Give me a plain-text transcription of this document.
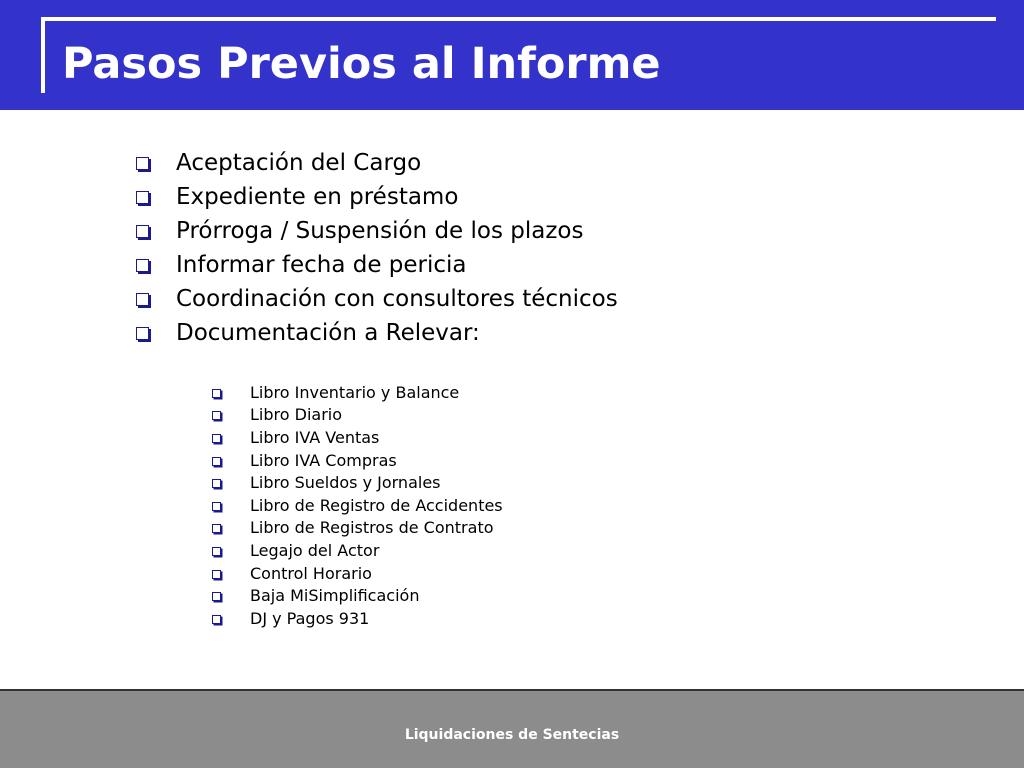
Pasos Previos al Informe
Aceptación del Cargo
Expediente en préstamo
Prórroga / Suspensión de los plazos
Informar fecha de pericia
Coordinación con consultores técnicos
Documentación a Relevar:
Libro Inventario y Balance
Libro Diario
Libro IVA Ventas
Libro IVA Compras
Libro Sueldos y Jornales
Libro de Registro de Accidentes
Libro de Registros de Contrato
Legajo del Actor
Control Horario
Baja MiSimplificación
DJ y Pagos 931
Liquidaciones de Sentecias
